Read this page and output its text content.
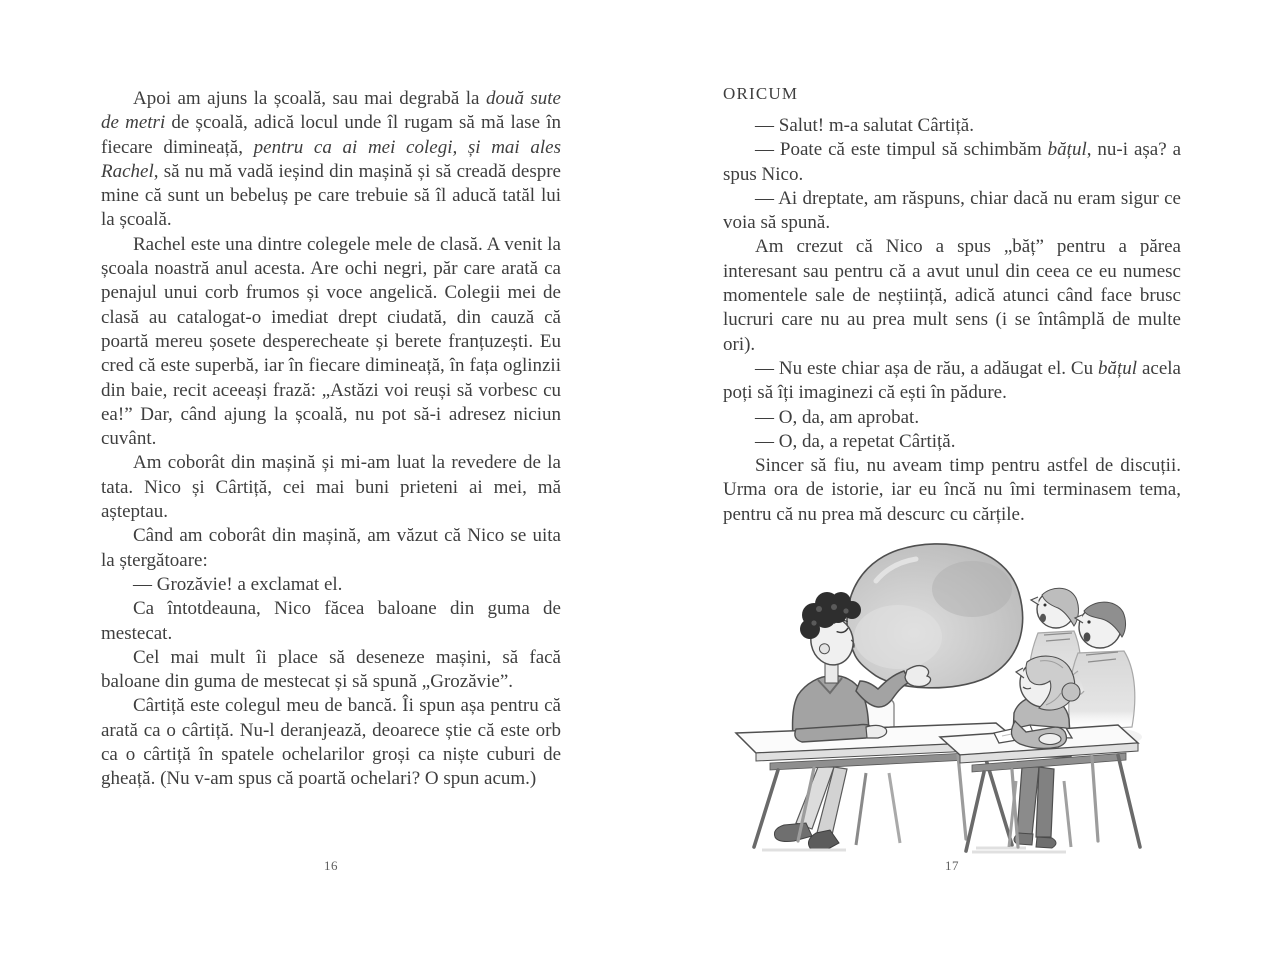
Apoi am ajuns la școală, sau mai degrabă la două sute de metri de școală, adică locul unde îl rugam să mă lase în fiecare dimineață, pentru ca ai mei colegi, și mai ales Rachel, să nu mă vadă ieșind din mașină și să creadă despre mine că sunt un bebeluș pe care trebuie să îl aducă tatăl lui la școală.

Rachel este una dintre colegele mele de clasă. A venit la școala noastră anul acesta. Are ochi negri, păr care arată ca penajul unui corb frumos și voce angelică. Colegii mei de clasă au catalogat-o imediat drept ciudată, din cauză că poartă mereu șosete desperecheate și berete franțuzești. Eu cred că este superbă, iar în fiecare dimineață, în fața oglinzii din baie, recit aceeași frază: „Astăzi voi reuși să vorbesc cu ea!” Dar, când ajung la școală, nu pot să-i adresez niciun cuvânt.

Am coborât din mașină și mi-am luat la revedere de la tata. Nico și Cârtiță, cei mai buni prieteni ai mei, mă așteptau.

Când am coborât din mașină, am văzut că Nico se uita la ștergătoare:

— Grozăvie! a exclamat el.

Ca întotdeauna, Nico făcea baloane din guma de mestecat.

Cel mai mult îi place să deseneze mașini, să facă baloane din guma de mestecat și să spună „Grozăvie”.

Cârtiță este colegul meu de bancă. Îi spun așa pentru că arată ca o cârtiță. Nu-l deranjează, deoarece știe că este orb ca o cârtiță în spatele ochelarilor groși ca niște cuburi de gheață. (Nu v-am spus că poartă ochelari? O spun acum.)

16
ORICUM

— Salut! m-a salutat Cârtiță.

— Poate că este timpul să schimbăm bățul, nu-i așa? a spus Nico.

— Ai dreptate, am răspuns, chiar dacă nu eram sigur ce voia să spună.

Am crezut că Nico a spus „băț” pentru a părea interesant sau pentru că a avut unul din ceea ce eu numesc momentele sale de neștiință, adică atunci când face brusc lucruri care nu au prea mult sens (i se întâmplă de multe ori).

— Nu este chiar așa de rău, a adăugat el. Cu bățul acela poți să îți imaginezi că ești în pădure.

— O, da, am aprobat.

— O, da, a repetat Cârtiță.

Sincer să fiu, nu aveam timp pentru astfel de discuții. Urma ora de istorie, iar eu încă nu îmi terminasem tema, pentru că nu prea mă descurc cu cărțile.

17
